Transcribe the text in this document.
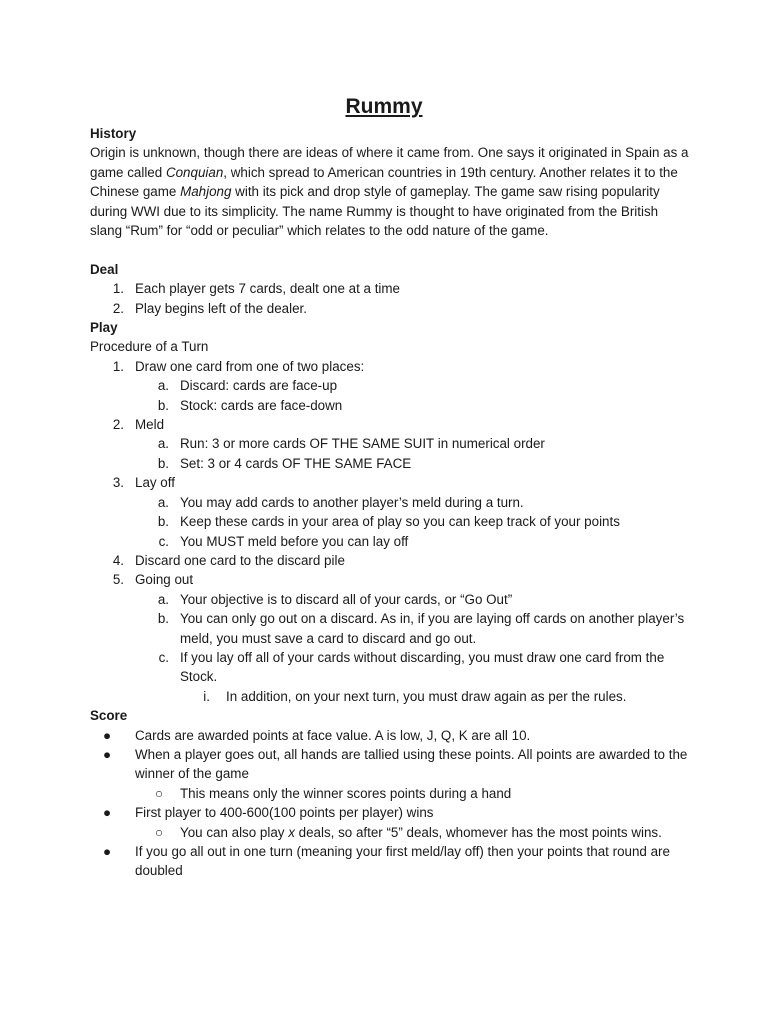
Rummy
History
Origin is unknown, though there are ideas of where it came from. One says it originated in Spain as a game called Conquian, which spread to American countries in 19th century. Another relates it to the Chinese game Mahjong with its pick and drop style of gameplay. The game saw rising popularity during WWI due to its simplicity. The name Rummy is thought to have originated from the British slang “Rum” for “odd or peculiar” which relates to the odd nature of the game.
Deal
1. Each player gets 7 cards, dealt one at a time
2. Play begins left of the dealer.
Play
Procedure of a Turn
1. Draw one card from one of two places:
a. Discard: cards are face-up
b. Stock: cards are face-down
2. Meld
a. Run: 3 or more cards OF THE SAME SUIT in numerical order
b. Set: 3 or 4 cards OF THE SAME FACE
3. Lay off
a. You may add cards to another player’s meld during a turn.
b. Keep these cards in your area of play so you can keep track of your points
c. You MUST meld before you can lay off
4. Discard one card to the discard pile
5. Going out
a. Your objective is to discard all of your cards, or “Go Out”
b. You can only go out on a discard. As in, if you are laying off cards on another player’s meld, you must save a card to discard and go out.
c. If you lay off all of your cards without discarding, you must draw one card from the Stock.
i.	In addition, on your next turn, you must draw again as per the rules.
Score
●	Cards are awarded points at face value. A is low, J, Q, K are all 10.
●	When a player goes out, all hands are tallied using these points. All points are awarded to the winner of the game
○	This means only the winner scores points during a hand
●	First player to 400-600(100 points per player) wins
○	You can also play x deals, so after “5” deals, whomever has the most points wins.
●	If you go all out in one turn (meaning your first meld/lay off) then your points that round are doubled
